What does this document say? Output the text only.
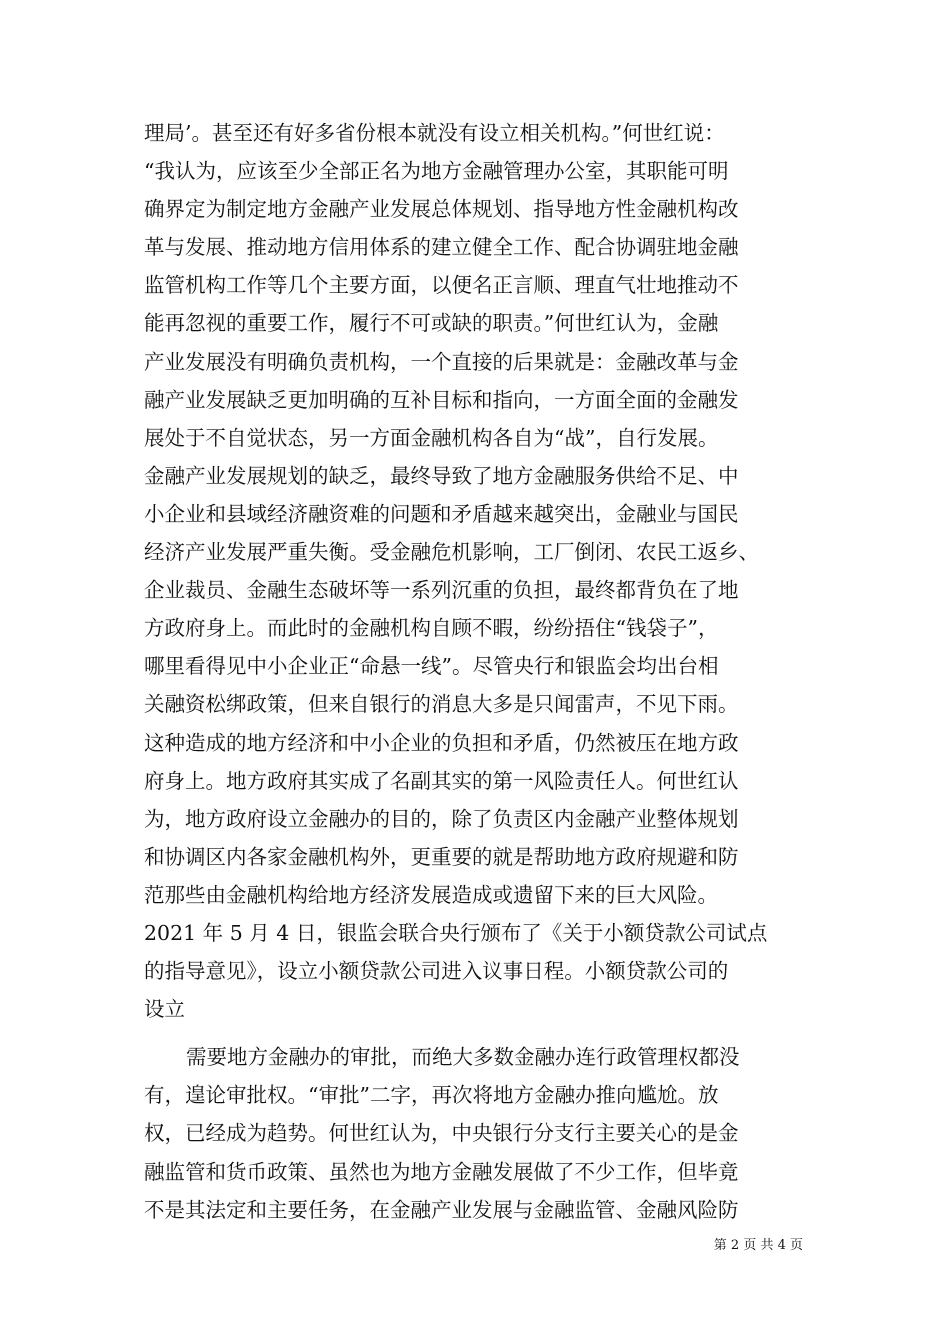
理局’。甚至还有好多省份根本就没有设立相关机构。”何世红说：
“我认为，应该至少全部正名为地方金融管理办公室，其职能可明
确界定为制定地方金融产业发展总体规划、指导地方性金融机构改
革与发展、推动地方信用体系的建立健全工作、配合协调驻地金融
监管机构工作等几个主要方面，以便名正言顺、理直气壮地推动不
能再忽视的重要工作，履行不可或缺的职责。”何世红认为，金融
产业发展没有明确负责机构，一个直接的后果就是：金融改革与金
融产业发展缺乏更加明确的互补目标和指向，一方面全面的金融发
展处于不自觉状态，另一方面金融机构各自为“战”，自行发展。
金融产业发展规划的缺乏，最终导致了地方金融服务供给不足、中
小企业和县域经济融资难的问题和矛盾越来越突出，金融业与国民
经济产业发展严重失衡。受金融危机影响，工厂倒闭、农民工返乡、
企业裁员、金融生态破坏等一系列沉重的负担，最终都背负在了地
方政府身上。而此时的金融机构自顾不暇，纷纷捂住“钱袋子”，
哪里看得见中小企业正“命悬一线”。尽管央行和银监会均出台相
关融资松绑政策，但来自银行的消息大多是只闻雷声，不见下雨。
这种造成的地方经济和中小企业的负担和矛盾，仍然被压在地方政
府身上。地方政府其实成了名副其实的第一风险责任人。何世红认
为，地方政府设立金融办的目的，除了负责区内金融产业整体规划
和协调区内各家金融机构外，更重要的就是帮助地方政府规避和防
范那些由金融机构给地方经济发展造成或遗留下来的巨大风险。
2021 年 5 月 4 日，银监会联合央行颁布了《关于小额贷款公司试点
的指导意见》，设立小额贷款公司进入议事日程。小额贷款公司的
设立
需要地方金融办的审批，而绝大多数金融办连行政管理权都没
有，遑论审批权。“审批”二字，再次将地方金融办推向尴尬。放
权，已经成为趋势。何世红认为，中央银行分支行主要关心的是金
融监管和货币政策、虽然也为地方金融发展做了不少工作，但毕竟
不是其法定和主要任务，在金融产业发展与金融监管、金融风险防
第 2 页 共 4 页
